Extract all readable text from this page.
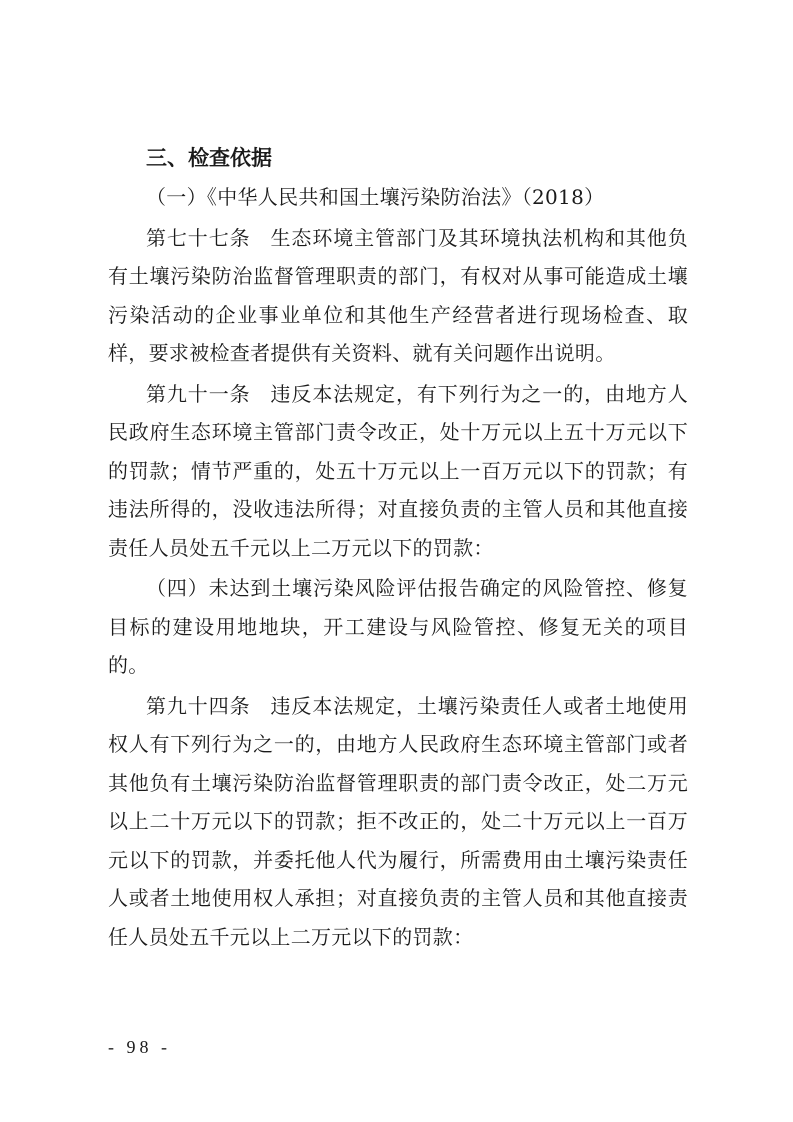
三、检查依据

（一）《中华人民共和国土壤污染防治法》（2018）

第七十七条 生态环境主管部门及其环境执法机构和其他负有土壤污染防治监督管理职责的部门，有权对从事可能造成土壤污染活动的企业事业单位和其他生产经营者进行现场检查、取样，要求被检查者提供有关资料、就有关问题作出说明。

第九十一条 违反本法规定，有下列行为之一的，由地方人民政府生态环境主管部门责令改正，处十万元以上五十万元以下的罚款；情节严重的，处五十万元以上一百万元以下的罚款；有违法所得的，没收违法所得；对直接负责的主管人员和其他直接责任人员处五千元以上二万元以下的罚款：

（四）未达到土壤污染风险评估报告确定的风险管控、修复目标的建设用地地块，开工建设与风险管控、修复无关的项目的。

第九十四条 违反本法规定，土壤污染责任人或者土地使用权人有下列行为之一的，由地方人民政府生态环境主管部门或者其他负有土壤污染防治监督管理职责的部门责令改正，处二万元以上二十万元以下的罚款；拒不改正的，处二十万元以上一百万元以下的罚款，并委托他人代为履行，所需费用由土壤污染责任人或者土地使用权人承担；对直接负责的主管人员和其他直接责任人员处五千元以上二万元以下的罚款：

- 98 -
